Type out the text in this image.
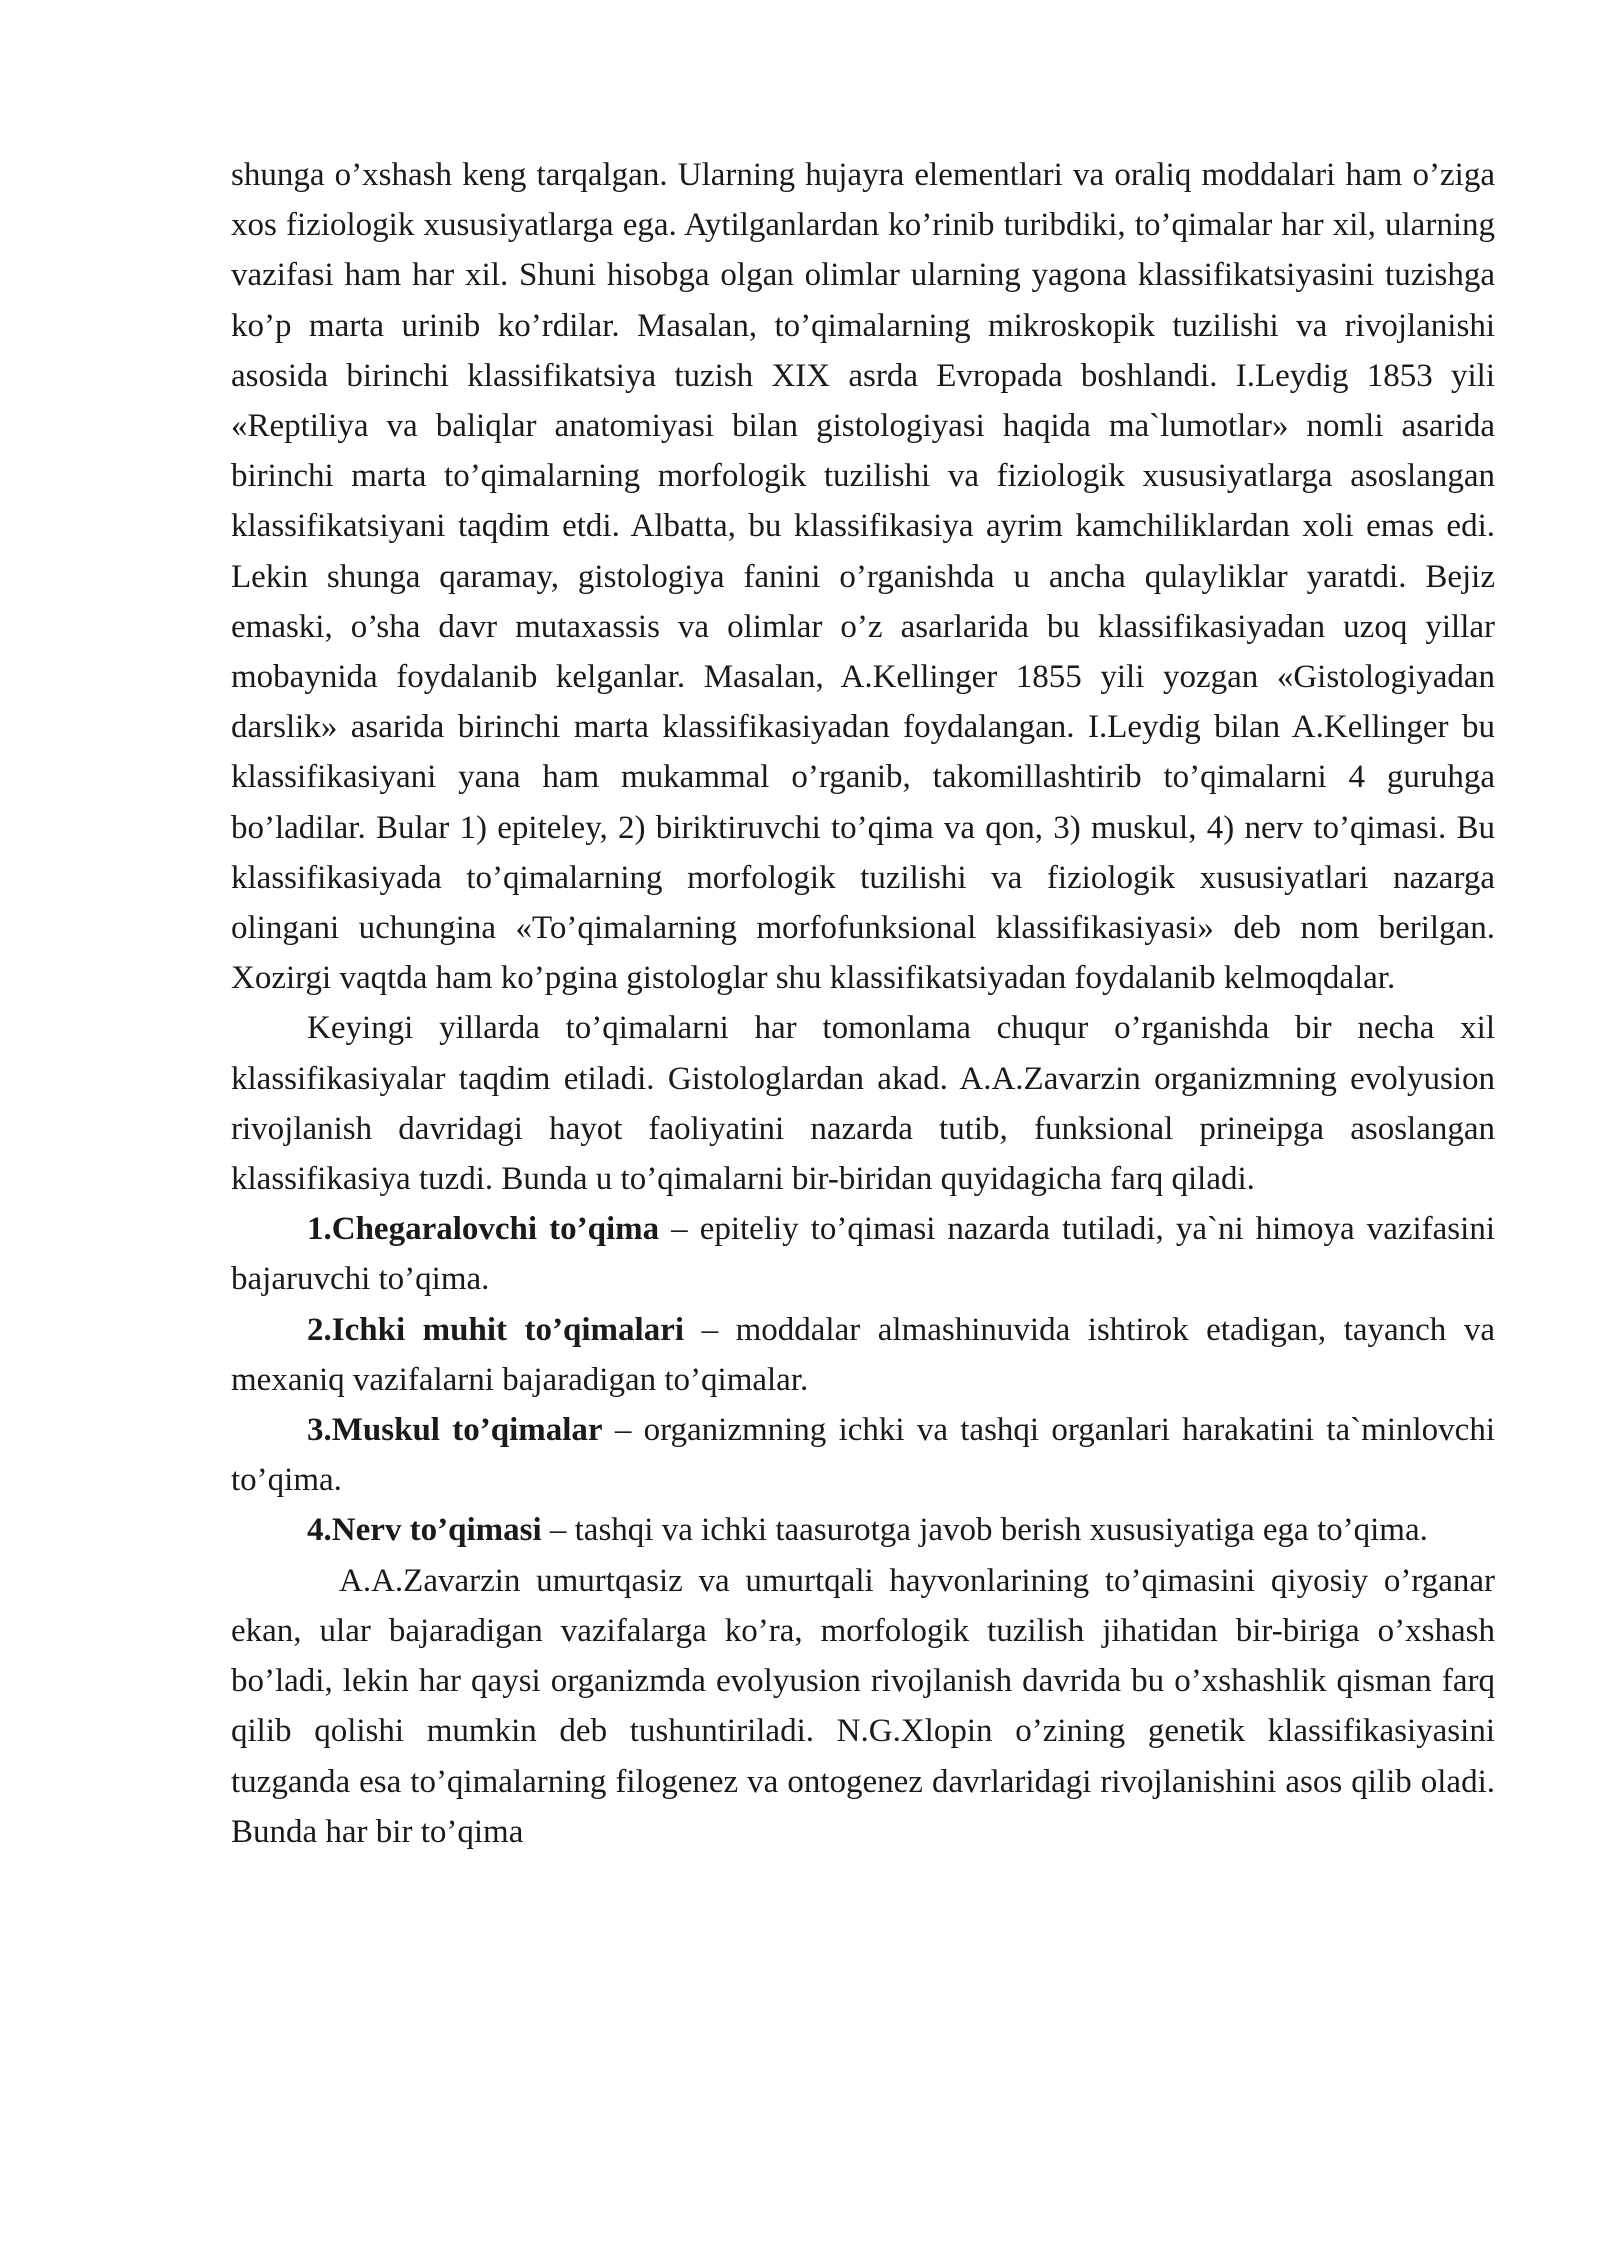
shunga o’xshash keng tarqalgan. Ularning hujayra elementlari va oraliq moddalari ham o’ziga xos fiziologik xususiyatlarga ega. Aytilganlardan ko’rinib turibdiki, to’qimalar har xil, ularning vazifasi ham har xil. Shuni hisobga olgan olimlar ularning yagona klassifikatsiyasini tuzishga ko’p marta urinib ko’rdilar. Masalan, to’qimalarning mikroskopik tuzilishi va rivojlanishi asosida birinchi klassifikatsiya tuzish XIX asrda Evropada boshlandi. I.Leydig 1853 yili «Reptiliya va baliqlar anatomiyasi bilan gistologiyasi haqida ma`lumotlar» nomli asarida birinchi marta to’qimalarning morfologik tuzilishi va fiziologik xususiyatlarga asoslangan klassifikatsiyani taqdim etdi. Albatta, bu klassifikasiya ayrim kamchiliklardan xoli emas edi. Lekin shunga qaramay, gistologiya fanini o’rganishda u ancha qulayliklar yaratdi. Bejiz emaski, o’sha davr mutaxassis va olimlar o’z asarlarida bu klassifikasiyadan uzoq yillar mobaynida foydalanib kelganlar. Masalan, A.Kellinger 1855 yili yozgan «Gistologiyadan darslik» asarida birinchi marta klassifikasiyadan foydalangan. I.Leydig bilan A.Kellinger bu klassifikasiyani yana ham mukammal o’rganib, takomillashtirib to’qimalarni 4 guruhga bo’ladilar. Bular 1) epiteley, 2) biriktiruvchi to’qima va qon, 3) muskul, 4) nerv to’qimasi. Bu klassifikasiyada to’qimalarning morfologik tuzilishi va fiziologik xususiyatlari nazarga olingani uchungina «To’qimalarning morfofunksional klassifikasiyasi» deb nom berilgan. Xozirgi vaqtda ham ko’pgina gistologlar shu klassifikatsiyadan foydalanib kelmoqdalar.

Keyingi yillarda to’qimalarni har tomonlama chuqur o’rganishda bir necha xil klassifikasiyalar taqdim etiladi. Gistologlardan akad. A.A.Zavarzin organizmning evolyusion rivojlanish davridagi hayot faoliyatini nazarda tutib, funksional prineipga asoslangan klassifikasiya tuzdi. Bunda u to’qimalarni bir-biridan quyidagicha farq qiladi.

1.Chegaralovchi to’qima – epiteliy to’qimasi nazarda tutiladi, ya`ni himoya vazifasini bajaruvchi to’qima.

2.Ichki muhit to’qimalari – moddalar almashinuvida ishtirok etadigan, tayanch va mexaniq vazifalarni bajaradigan to’qimalar.

3.Muskul to’qimalar – organizmning ichki va tashqi organlari harakatini ta`minlovchi to’qima.

4.Nerv to’qimasi – tashqi va ichki taasurotga javob berish xususiyatiga ega to’qima.

A.A.Zavarzin umurtqasiz va umurtqali hayvonlarining to’qimasini qiyosiy o’rganar ekan, ular bajaradigan vazifalarga ko’ra, morfologik tuzilish jihatidan bir-biriga o’xshash bo’ladi, lekin har qaysi organizmda evolyusion rivojlanish davrida bu o’xshashlik qisman farq qilib qolishi mumkin deb tushuntiriladi. N.G.Xlopin o’zining genetik klassifikasiyasini tuzganda esa to’qimalarning filogenez va ontogenez davrlaridagi rivojlanishini asos qilib oladi. Bunda har bir to’qima
